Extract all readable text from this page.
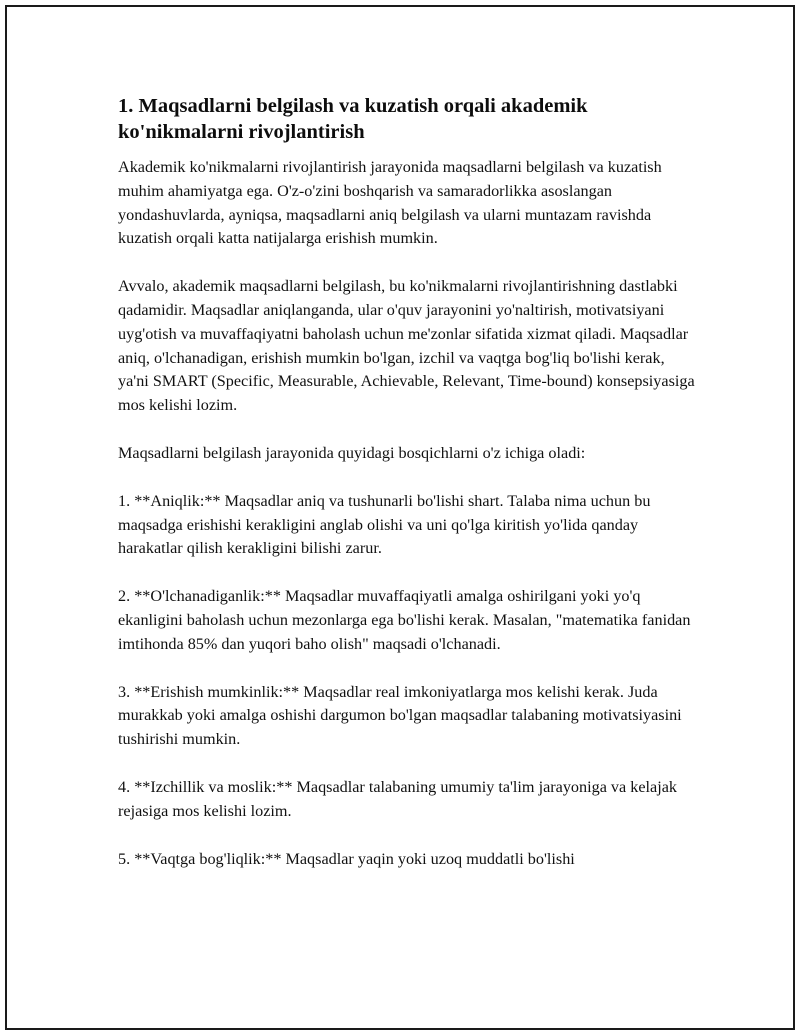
1. Maqsadlarni belgilash va kuzatish orqali akademik
ko'nikmalarni rivojlantirish

Akademik ko'nikmalarni rivojlantirish jarayonida maqsadlarni belgilash va kuzatish muhim ahamiyatga ega. O'z-o'zini boshqarish va samaradorlikka asoslangan yondashuvlarda, ayniqsa, maqsadlarni aniq belgilash va ularni muntazam ravishda kuzatish orqali katta natijalarga erishish mumkin.

Avvalo, akademik maqsadlarni belgilash, bu ko'nikmalarni rivojlantirishning dastlabki qadamidir. Maqsadlar aniqlanganda, ular o'quv jarayonini yo'naltirish, motivatsiyani uyg'otish va muvaffaqiyatni baholash uchun me'zonlar sifatida xizmat qiladi. Maqsadlar aniq, o'lchanadigan, erishish mumkin bo'lgan, izchil va vaqtga bog'liq bo'lishi kerak, ya'ni SMART (Specific, Measurable, Achievable, Relevant, Time-bound) konsepsiyasiga mos kelishi lozim.

Maqsadlarni belgilash jarayonida quyidagi bosqichlarni o'z ichiga oladi:

1. **Aniqlik:** Maqsadlar aniq va tushunarli bo'lishi shart. Talaba nima uchun bu maqsadga erishishi kerakligini anglab olishi va uni qo'lga kiritish yo'lida qanday harakatlar qilish kerakligini bilishi zarur.

2. **O'lchanadiganlik:** Maqsadlar muvaffaqiyatli amalga oshirilgani yoki yo'q ekanligini baholash uchun mezonlarga ega bo'lishi kerak. Masalan, "matematika fanidan imtihonda 85% dan yuqori baho olish" maqsadi o'lchanadi.

3. **Erishish mumkinlik:** Maqsadlar real imkoniyatlarga mos kelishi kerak. Juda murakkab yoki amalga oshishi dargumon bo'lgan maqsadlar talabaning motivatsiyasini tushirishi mumkin.

4. **Izchillik va moslik:** Maqsadlar talabaning umumiy ta'lim jarayoniga va kelajak rejasiga mos kelishi lozim.

5. **Vaqtga bog'liqlik:** Maqsadlar yaqin yoki uzoq muddatli bo'lishi
